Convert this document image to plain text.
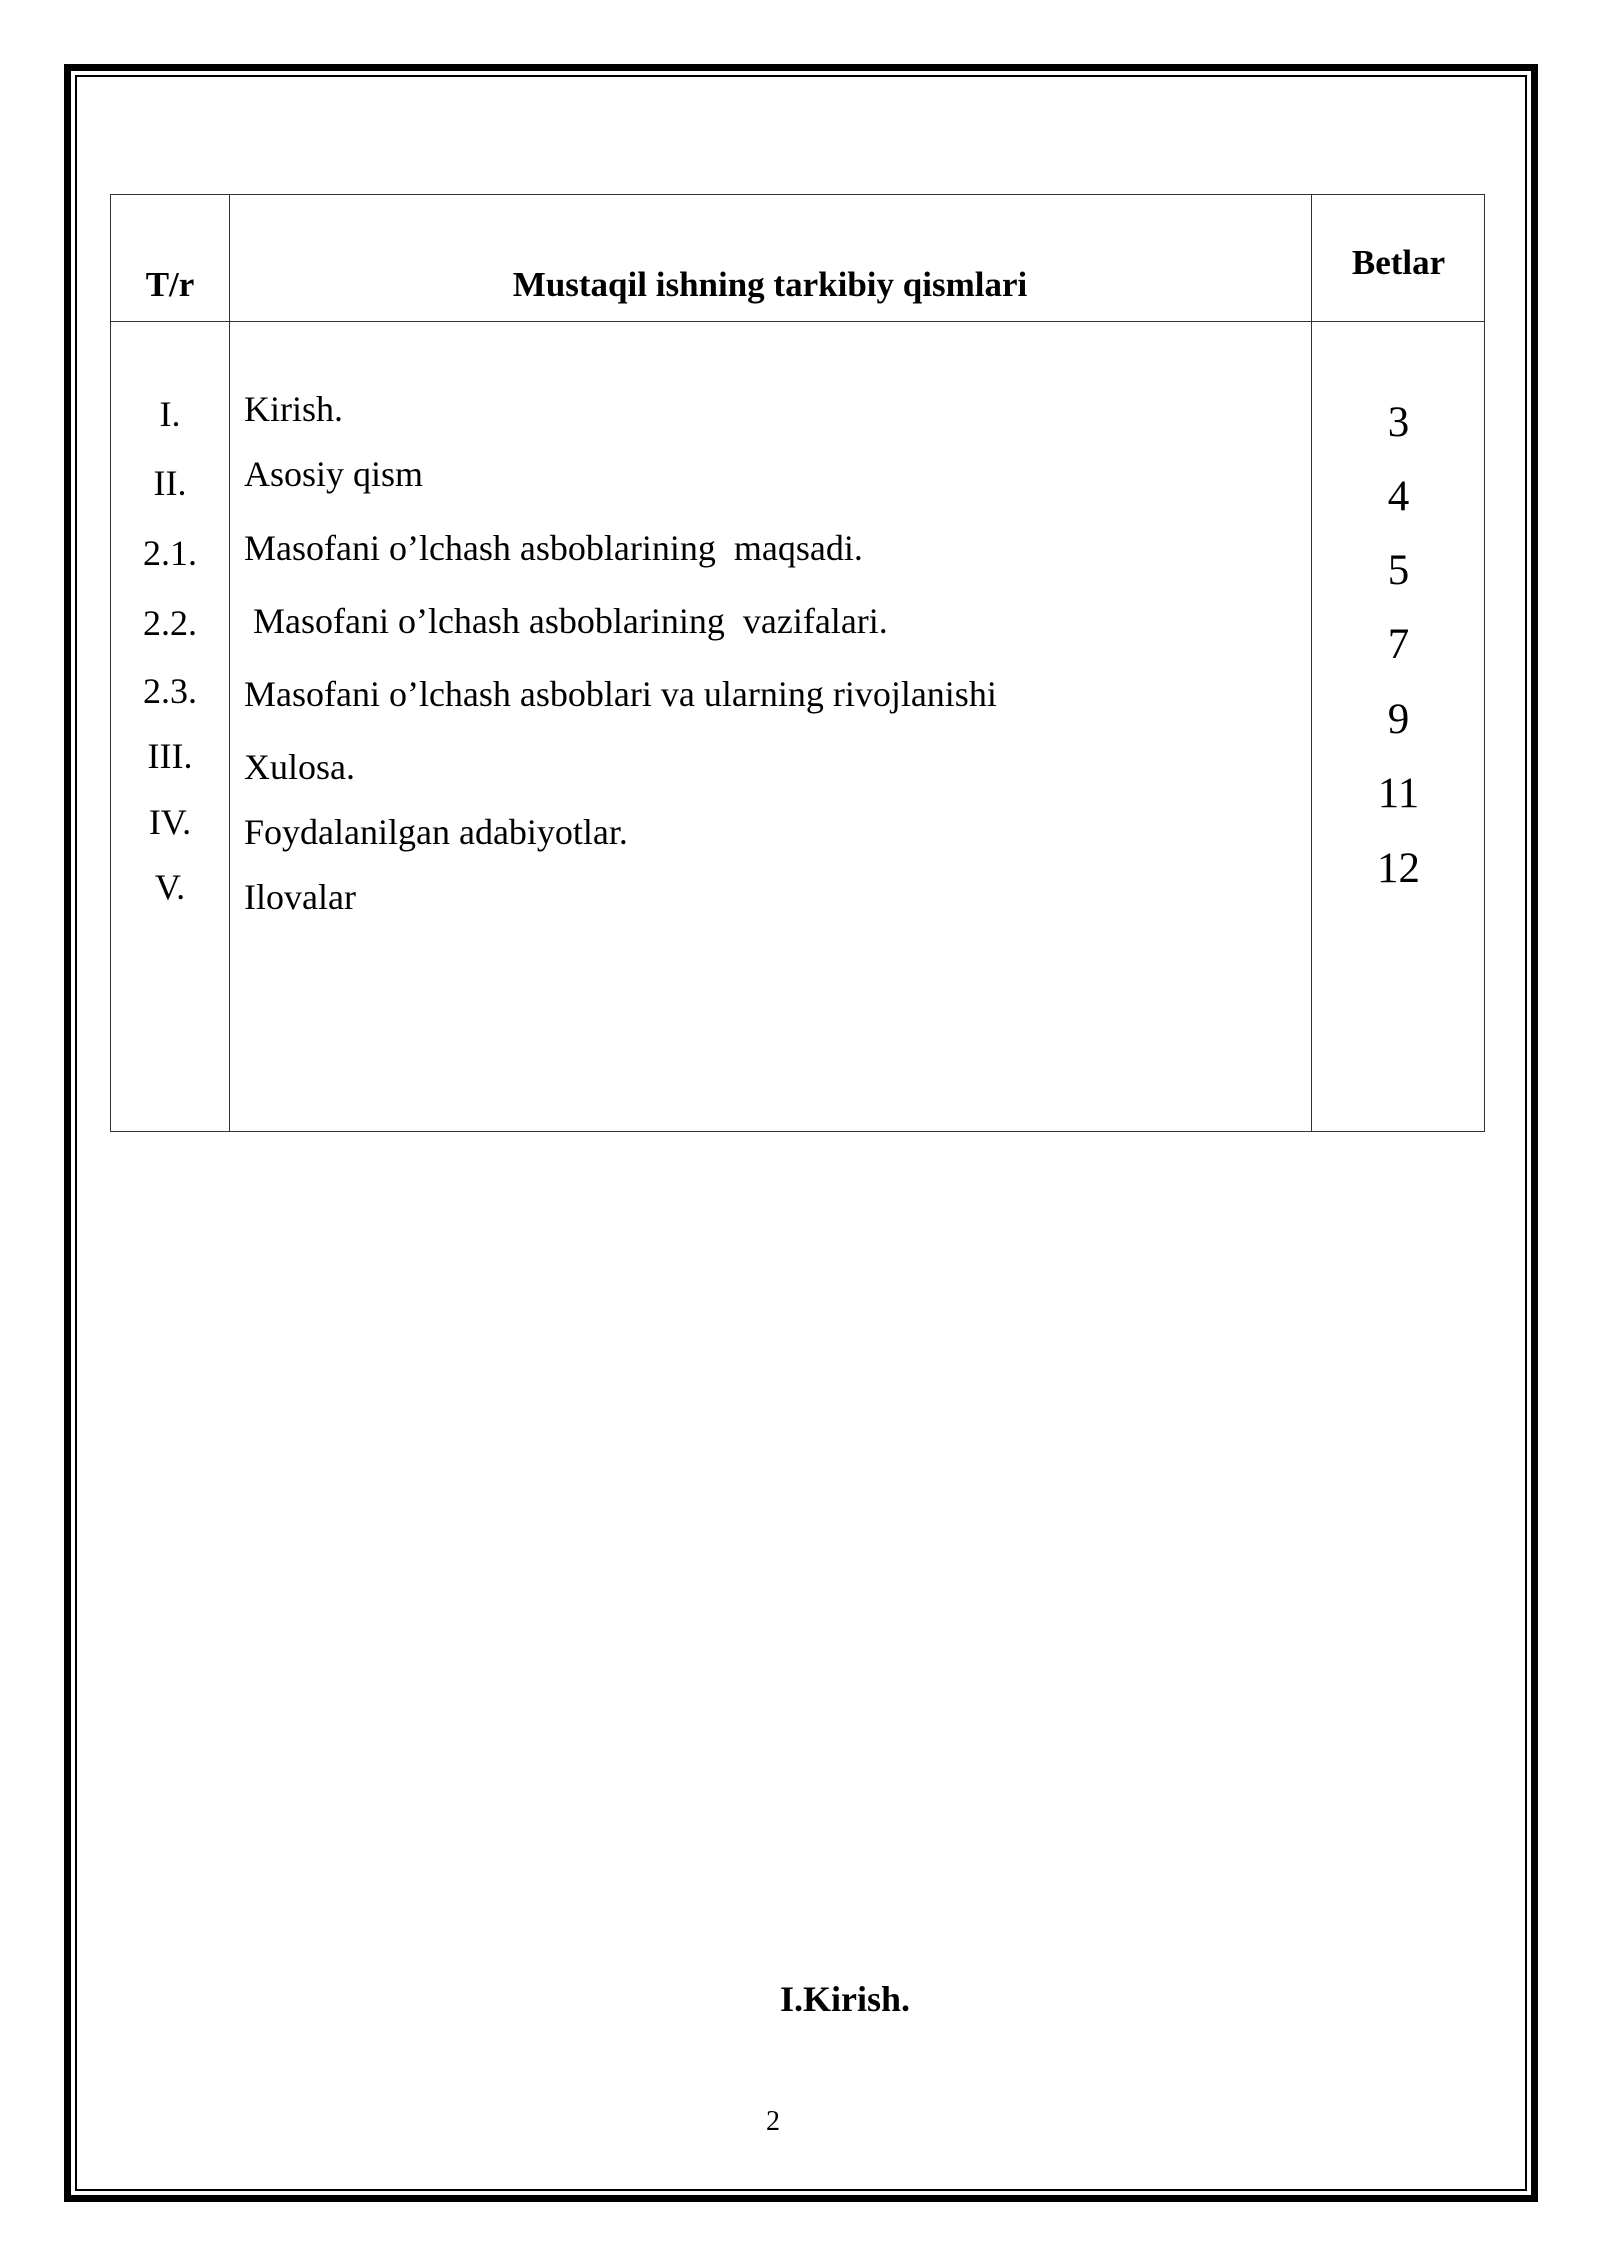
T/r	Mustaqil ishning tarkibiy qismlari
Betlar
I.
II.
2.1.
2.2.
2.3.
III.
IV.
V.
Kirish.
Asosiy qism
Masofani o’lchash asboblarining  maqsadi.
Masofani o’lchash asboblarining  vazifalari.
Masofani o’lchash asboblari va ularning rivojlanishi
Xulosa.
Foydalanilgan adabiyotlar.
Ilovalar
3
4
5
7
9
11
12
I.Kirish.
2
